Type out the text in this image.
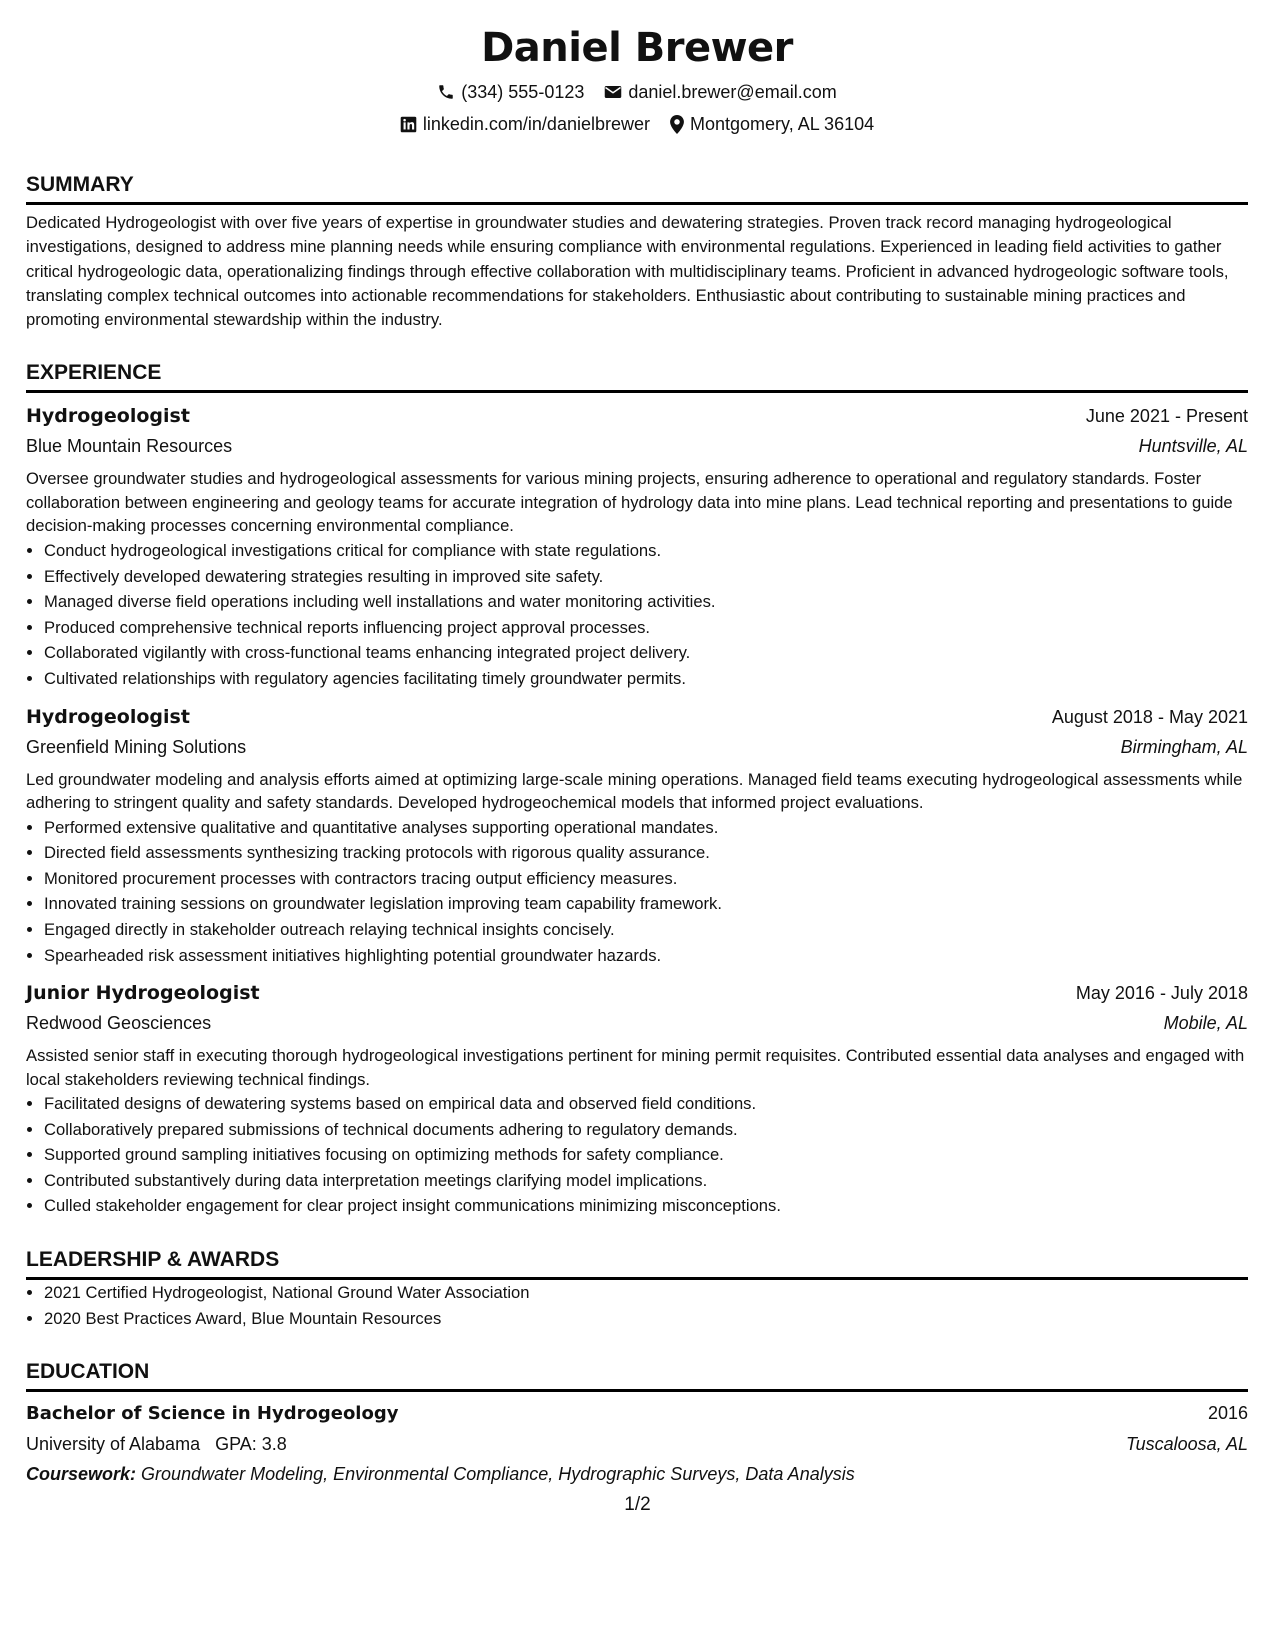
Daniel Brewer
(334) 555-0123 daniel.brewer@email.com
linkedin.com/in/danielbrewer Montgomery, AL 36104
SUMMARY
Dedicated Hydrogeologist with over five years of expertise in groundwater studies and dewatering strategies. Proven track record managing hydrogeological investigations, designed to address mine planning needs while ensuring compliance with environmental regulations. Experienced in leading field activities to gather critical hydrogeologic data, operationalizing findings through effective collaboration with multidisciplinary teams. Proficient in advanced hydrogeologic software tools, translating complex technical outcomes into actionable recommendations for stakeholders. Enthusiastic about contributing to sustainable mining practices and promoting environmental stewardship within the industry.
EXPERIENCE
Hydrogeologist	June 2021 - Present
Blue Mountain Resources	Huntsville, AL
Oversee groundwater studies and hydrogeological assessments for various mining projects, ensuring adherence to operational and regulatory standards. Foster collaboration between engineering and geology teams for accurate integration of hydrology data into mine plans. Lead technical reporting and presentations to guide decision-making processes concerning environmental compliance.
• Conduct hydrogeological investigations critical for compliance with state regulations.
• Effectively developed dewatering strategies resulting in improved site safety.
• Managed diverse field operations including well installations and water monitoring activities.
• Produced comprehensive technical reports influencing project approval processes.
• Collaborated vigilantly with cross-functional teams enhancing integrated project delivery.
• Cultivated relationships with regulatory agencies facilitating timely groundwater permits.
Hydrogeologist	August 2018 - May 2021
Greenfield Mining Solutions	Birmingham, AL
Led groundwater modeling and analysis efforts aimed at optimizing large-scale mining operations. Managed field teams executing hydrogeological assessments while adhering to stringent quality and safety standards. Developed hydrogeochemical models that informed project evaluations.
• Performed extensive qualitative and quantitative analyses supporting operational mandates.
• Directed field assessments synthesizing tracking protocols with rigorous quality assurance.
• Monitored procurement processes with contractors tracing output efficiency measures.
• Innovated training sessions on groundwater legislation improving team capability framework.
• Engaged directly in stakeholder outreach relaying technical insights concisely.
• Spearheaded risk assessment initiatives highlighting potential groundwater hazards.
Junior Hydrogeologist	May 2016 - July 2018
Redwood Geosciences	Mobile, AL
Assisted senior staff in executing thorough hydrogeological investigations pertinent for mining permit requisites. Contributed essential data analyses and engaged with local stakeholders reviewing technical findings.
• Facilitated designs of dewatering systems based on empirical data and observed field conditions.
• Collaboratively prepared submissions of technical documents adhering to regulatory demands.
• Supported ground sampling initiatives focusing on optimizing methods for safety compliance.
• Contributed substantively during data interpretation meetings clarifying model implications.
• Culled stakeholder engagement for clear project insight communications minimizing misconceptions.
LEADERSHIP & AWARDS
• 2021 Certified Hydrogeologist, National Ground Water Association
• 2020 Best Practices Award, Blue Mountain Resources
EDUCATION
Bachelor of Science in Hydrogeology	2016
University of Alabama   GPA: 3.8	Tuscaloosa, AL
Coursework: Groundwater Modeling, Environmental Compliance, Hydrographic Surveys, Data Analysis
1/2
